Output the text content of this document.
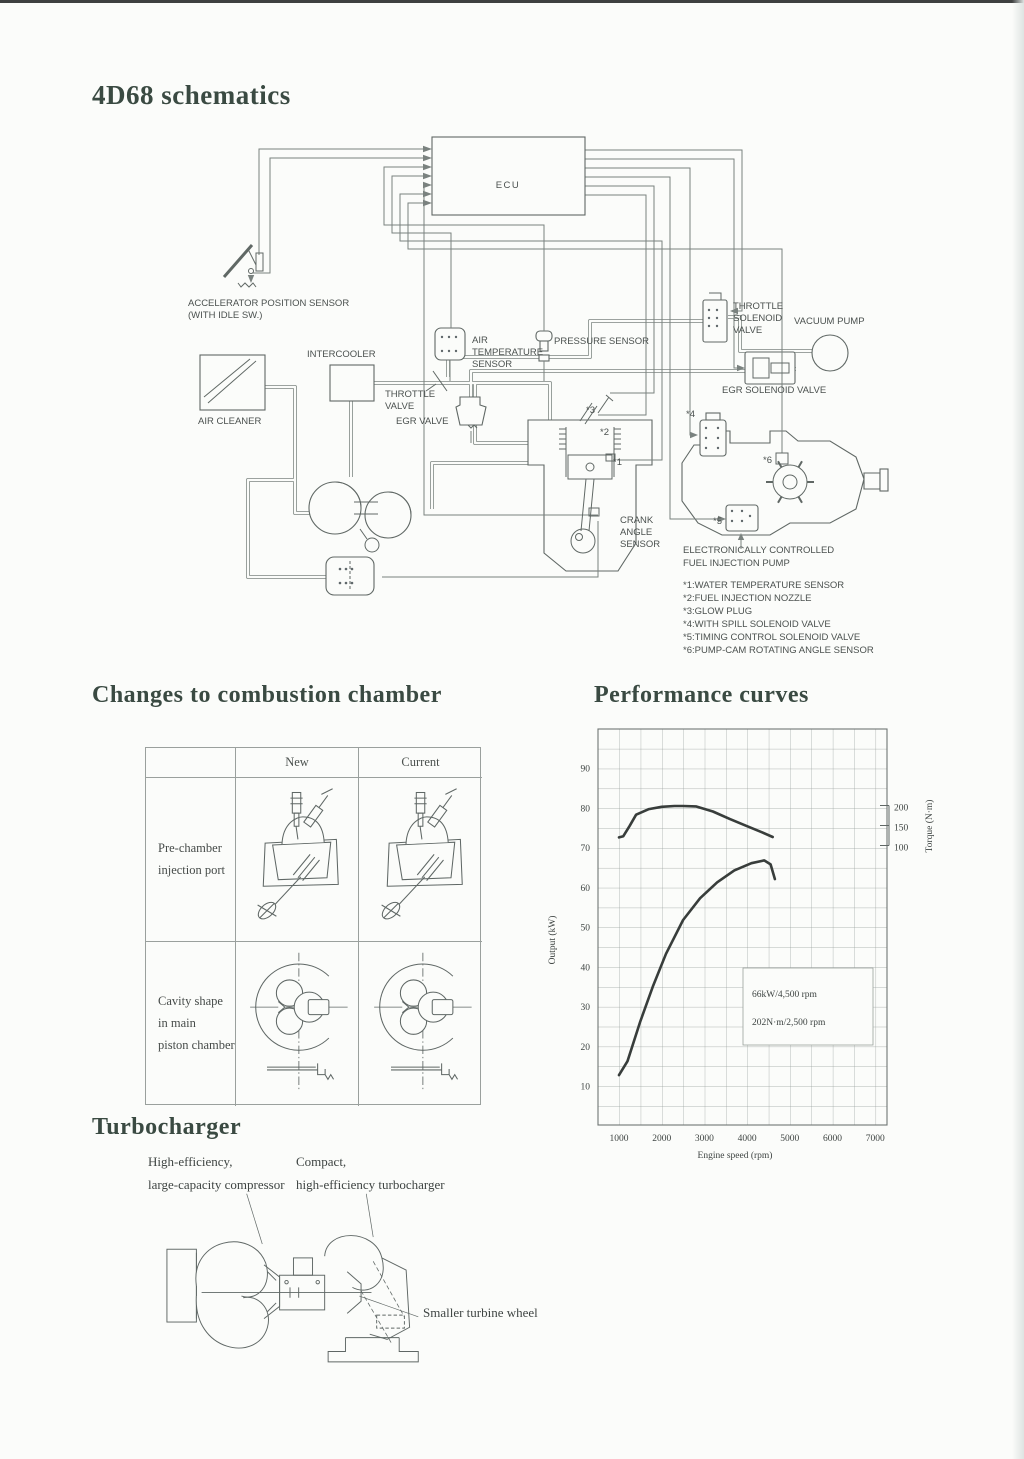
4D68 schematics
ECU
ACCELERATOR POSITION SENSOR
(WITH IDLE SW.)
AIR CLEANER
INTERCOOLER
THROTTLE
VALVE
EGR VALVE
AIR
TEMPERATURE
SENSOR
PRESSURE SENSOR
THROTTLE
SOLENOID
VALVE
VACUUM PUMP
EGR SOLENOID VALVE
CRANK
ANGLE
SENSOR
ELECTRONICALLY CONTROLLED
FUEL INJECTION PUMP
*3
*2
*1
*4
*5
*6
*1:WATER TEMPERATURE SENSOR
*2:FUEL INJECTION NOZZLE
*3:GLOW PLUG
*4:WITH SPILL SOLENOID VALVE
*5:TIMING CONTROL SOLENOID VALVE
*6:PUMP-CAM ROTATING ANGLE SENSOR
Changes to combustion chamber
New	Current
Pre-chamber
injection port
Cavity shape
in main
piston chamber
Performance curves
66kW/4,500 rpm
202N·m/2,500 rpm
90
80
70
60
50
40
30
20
10
1000 2000 3000 4000 5000 6000 7000
Engine speed (rpm)
Output (kW)
200
150
100 Torque (N·m)
Turbocharger
High-efficiency,
large-capacity compressor
Compact,
high-efficiency turbocharger
Smaller turbine wheel
